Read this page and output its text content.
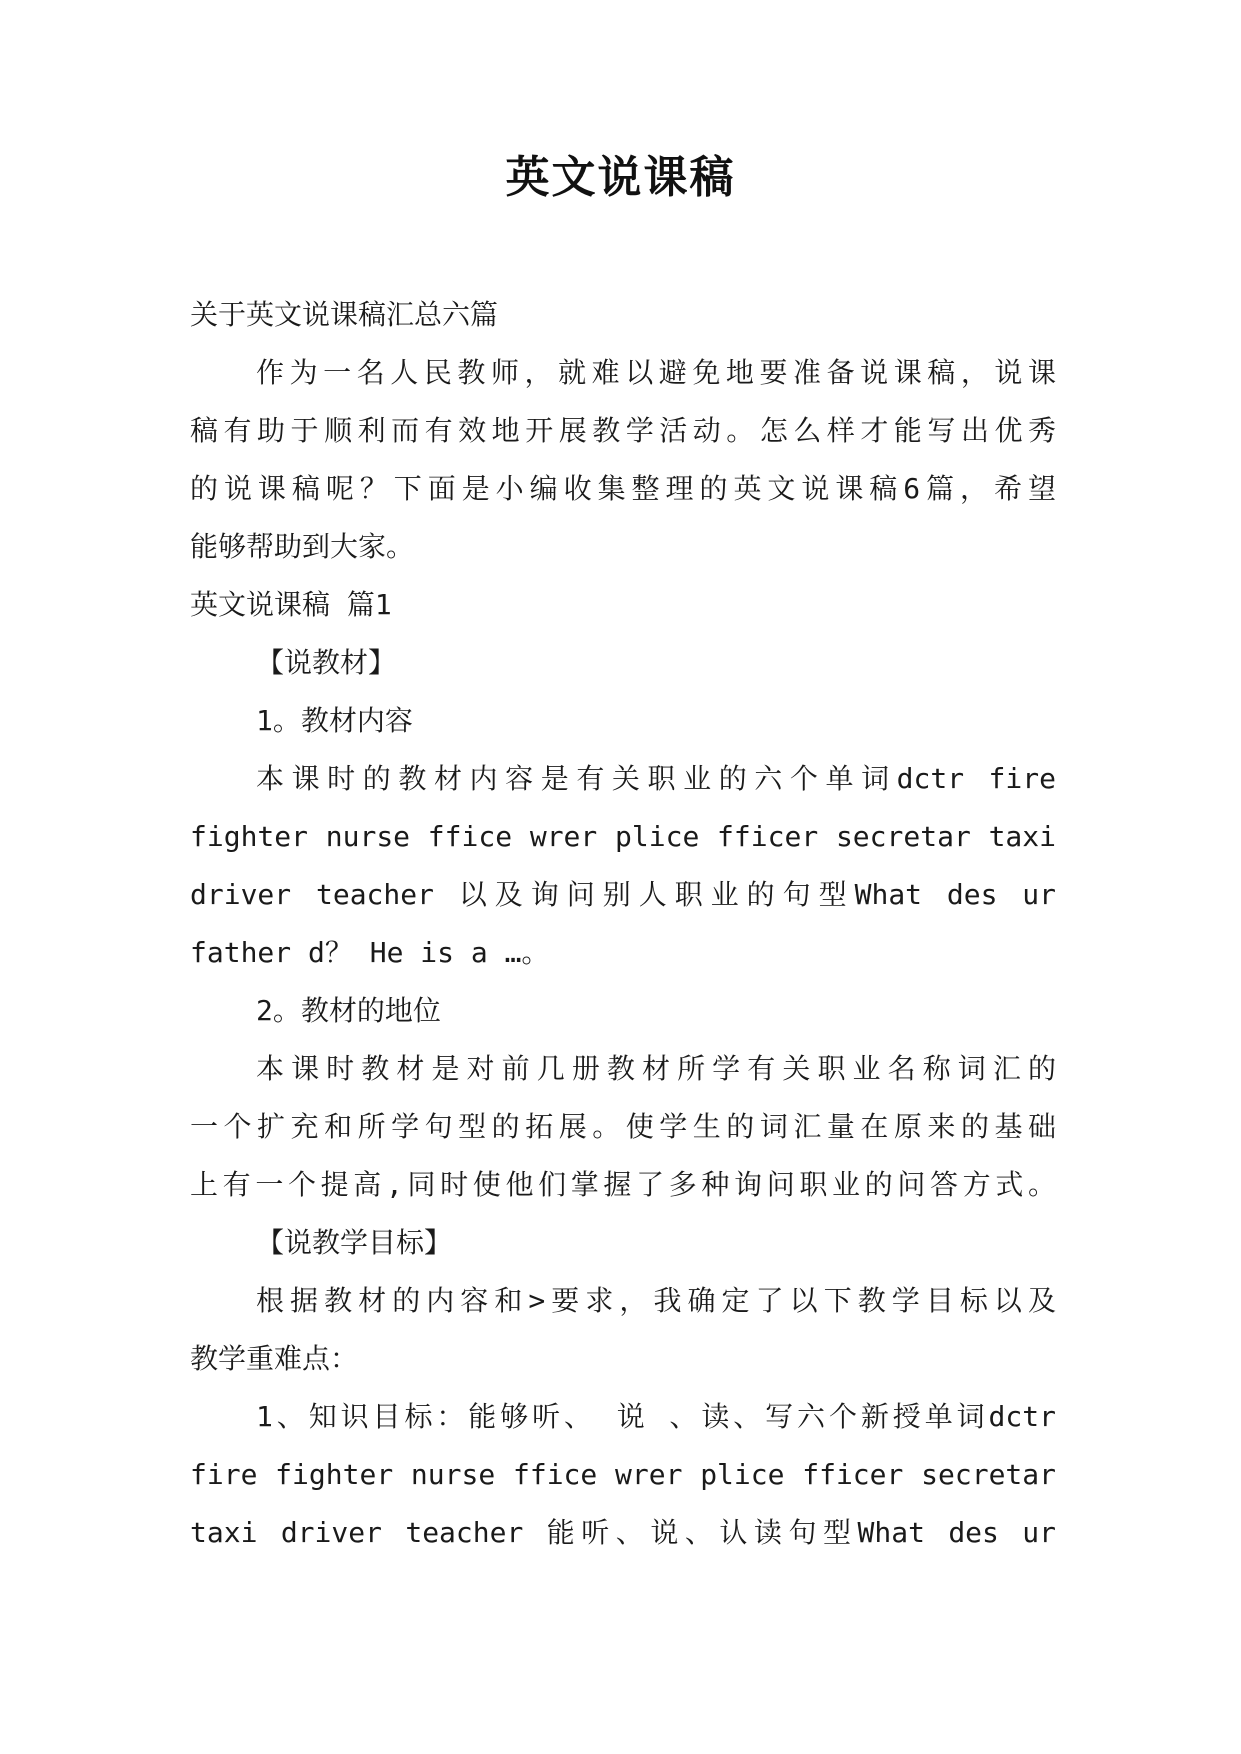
英文说课稿
关于英文说课稿汇总六篇
作为一名人民教师，就难以避免地要准备说课稿，说课
稿有助于顺利而有效地开展教学活动。怎么样才能写出优秀
的说课稿呢？下面是小编收集整理的英文说课稿6篇，希望
能够帮助到大家。
英文说课稿 篇1
【说教材】
1。教材内容
本课时的教材内容是有关职业的六个单词dctr fire
fighter nurse ffice wrer plice fficer secretar taxi
driver teacher 以及询问别人职业的句型What des ur
father d？ He is a …。
2。教材的地位
本课时教材是对前几册教材所学有关职业名称词汇的
一个扩充和所学句型的拓展。使学生的词汇量在原来的基础
上有一个提高,同时使他们掌握了多种询问职业的问答方式。
【说教学目标】
根据教材的内容和>要求，我确定了以下教学目标以及
教学重难点：
1、知识目标：能够听、 说 、读、写六个新授单词dctr
fire fighter nurse ffice wrer plice fficer secretar
taxi driver teacher 能听、说、认读句型What des ur
